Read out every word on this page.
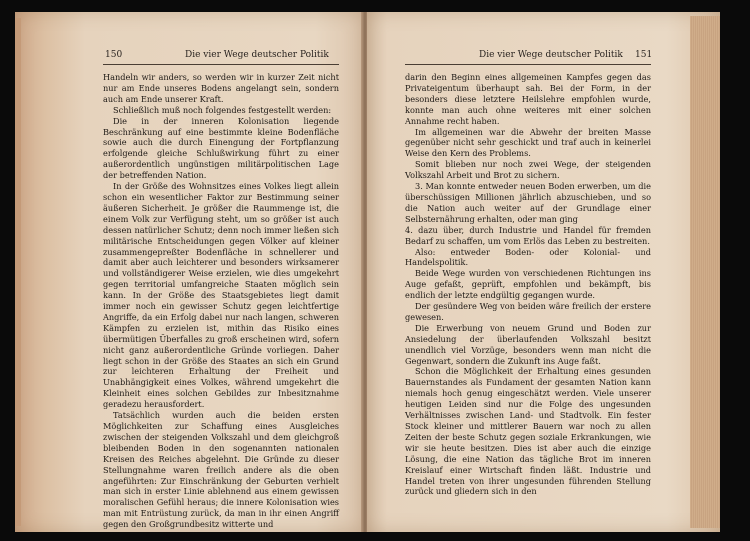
150	Die vier Wege deutscher Politik

Handeln wir anders, so werden wir in kurzer Zeit nicht nur am Ende unseres Bodens angelangt sein, sondern auch am Ende unserer Kraft.

Schließlich muß noch folgendes festgestellt werden:

Die in der inneren Kolonisation liegende Beschränkung auf eine bestimmte kleine Bodenfläche sowie auch die durch Einengung der Fortpflanzung erfolgende gleiche Schlußwirkung führt zu einer außerordentlich ungünstigen militärpolitischen Lage der betreffenden Nation.

In der Größe des Wohnsitzes eines Volkes liegt allein schon ein wesentlicher Faktor zur Bestimmung seiner äußeren Sicherheit. Je größer die Raummenge ist, die einem Volk zur Verfügung steht, um so größer ist auch dessen natürlicher Schutz; denn noch immer ließen sich militärische Entscheidungen gegen Völker auf kleiner zusammengepreßter Bodenfläche in schnellerer und damit aber auch leichterer und besonders wirksamerer und vollständigerer Weise erzielen, wie dies umgekehrt gegen territorial umfangreiche Staaten möglich sein kann. In der Größe des Staatsgebietes liegt damit immer noch ein gewisser Schutz gegen leichtfertige Angriffe, da ein Erfolg dabei nur nach langen, schweren Kämpfen zu erzielen ist, mithin das Risiko eines übermütigen Überfalles zu groß erscheinen wird, sofern nicht ganz außerordentliche Gründe vorliegen. Daher liegt schon in der Größe des Staates an sich ein Grund zur leichteren Erhaltung der Freiheit und Unabhängigkeit eines Volkes, während umgekehrt die Kleinheit eines solchen Gebildes zur Inbesitznahme geradezu herausfordert.

Tatsächlich wurden auch die beiden ersten Möglichkeiten zur Schaffung eines Ausgleiches zwischen der steigenden Volkszahl und dem gleichgroß bleibenden Boden in den sogenannten nationalen Kreisen des Reiches abgelehnt. Die Gründe zu dieser Stellungnahme waren freilich andere als die oben angeführten: Zur Einschränkung der Geburten verhielt man sich in erster Linie ablehnend aus einem gewissen moralischen Gefühl heraus; die innere Kolonisation wies man mit Entrüstung zurück, da man in ihr einen Angriff gegen den Großgrundbesitz witterte und

Die vier Wege deutscher Politik 151

darin den Beginn eines allgemeinen Kampfes gegen das Privateigentum überhaupt sah. Bei der Form, in der besonders diese letztere Heilslehre empfohlen wurde, konnte man auch ohne weiteres mit einer solchen Annahme recht haben.

Im allgemeinen war die Abwehr der breiten Masse gegenüber nicht sehr geschickt und traf auch in keinerlei Weise den Kern des Problems.

Somit blieben nur noch zwei Wege, der steigenden Volkszahl Arbeit und Brot zu sichern.

3. Man konnte entweder neuen Boden erwerben, um die überschüssigen Millionen jährlich abzuschieben, und so die Nation auch weiter auf der Grundlage einer Selbsternährung erhalten, oder man ging

4. dazu über, durch Industrie und Handel für fremden Bedarf zu schaffen, um vom Erlös das Leben zu bestreiten.

Also: entweder Boden- oder Kolonial- und Handelspolitik.

Beide Wege wurden von verschiedenen Richtungen ins Auge gefaßt, geprüft, empfohlen und bekämpft, bis endlich der letzte endgültig gegangen wurde.

Der gesündere Weg von beiden wäre freilich der erstere gewesen.

Die Erwerbung von neuem Grund und Boden zur Ansiedelung der überlaufenden Volkszahl besitzt unendlich viel Vorzüge, besonders wenn man nicht die Gegenwart, sondern die Zukunft ins Auge faßt.

Schon die Möglichkeit der Erhaltung eines gesunden Bauernstandes als Fundament der gesamten Nation kann niemals hoch genug eingeschätzt werden. Viele unserer heutigen Leiden sind nur die Folge des ungesunden Verhältnisses zwischen Land- und Stadtvolk. Ein fester Stock kleiner und mittlerer Bauern war noch zu allen Zeiten der beste Schutz gegen soziale Erkrankungen, wie wir sie heute besitzen. Dies ist aber auch die einzige Lösung, die eine Nation das tägliche Brot im inneren Kreislauf einer Wirtschaft finden läßt. Industrie und Handel treten von ihrer ungesunden führenden Stellung zurück und gliedern sich in den
